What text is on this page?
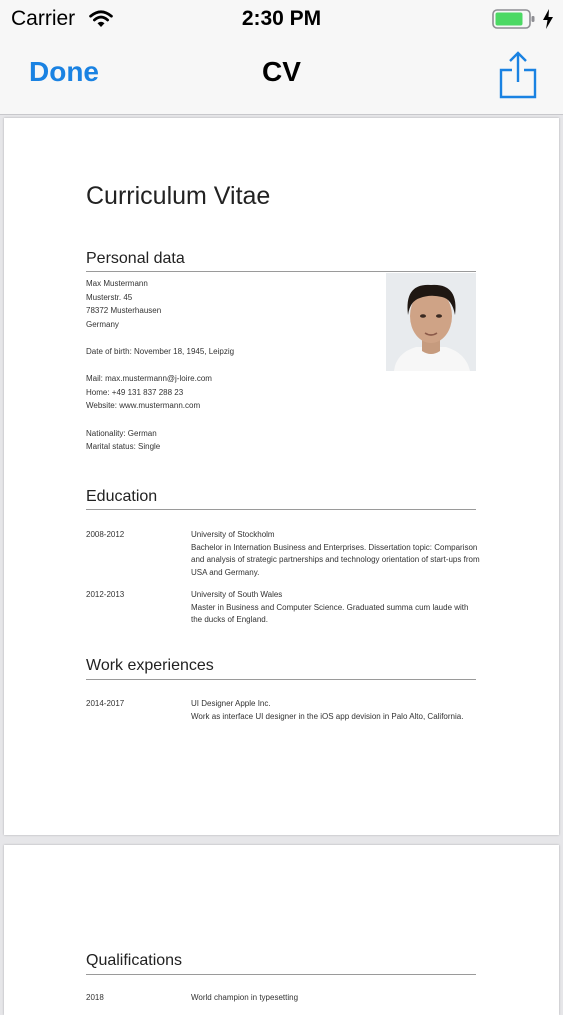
Carrier	2:30 PM
Done	CV
Curriculum Vitae
Personal data
Max Mustermann
Musterstr. 45
78372 Musterhausen
Germany
Date of birth: November 18, 1945, Leipzig
Mail: max.mustermann@j-loire.com
Home: +49 131 837 288 23
Website: www.mustermann.com
Nationality: German
Marital status: Single
Education
2008-2012	University of Stockholm
Bachelor in Internation Business and Enterprises. Dissertation topic: Comparison
and analysis of strategic partnerships and technology orientation of start-ups from
USA and Germany.
2012-2013	University of South Wales
Master in Business and Computer Science. Graduated summa cum laude with
the ducks of England.
Work experiences
2014-2017	UI Designer Apple Inc.
Work as interface UI designer in the iOS app devision in Palo Alto, California.
Qualifications
2018	World champion in typesetting
